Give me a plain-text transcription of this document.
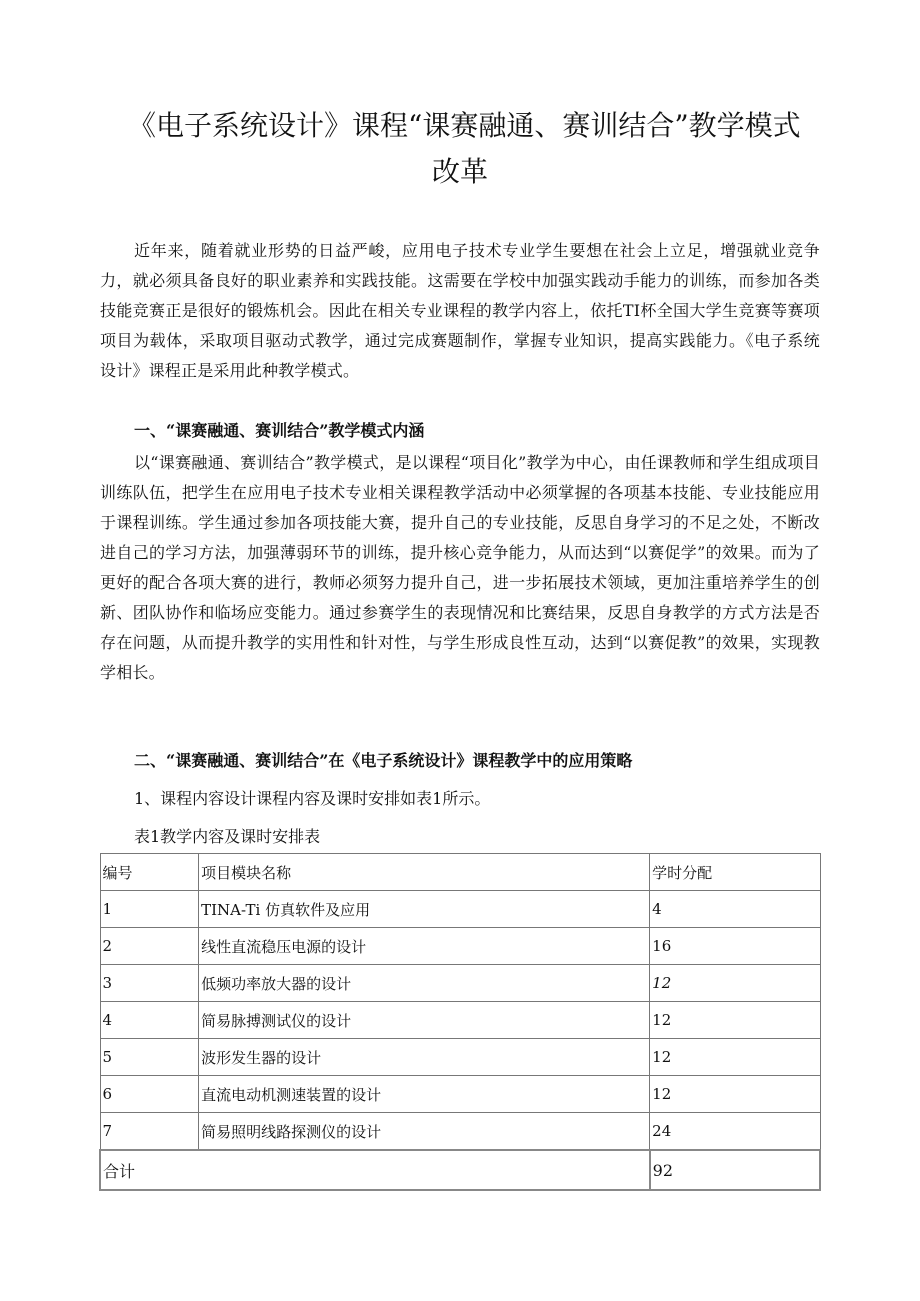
《电子系统设计》课程“课赛融通、赛训结合”教学模式
改革
近年来，随着就业形势的日益严峻，应用电子技术专业学生要想在社会上立足，增强就业竞争力，就必须具备良好的职业素养和实践技能。这需要在学校中加强实践动手能力的训练，而参加各类技能竞赛正是很好的锻炼机会。因此在相关专业课程的教学内容上，依托TI杯全国大学生竞赛等赛项项目为载体，采取项目驱动式教学，通过完成赛题制作，掌握专业知识，提高实践能力。《电子系统设计》课程正是采用此种教学模式。
一、“课赛融通、赛训结合”教学模式内涵
以“课赛融通、赛训结合”教学模式，是以课程“项目化”教学为中心，由任课教师和学生组成项目训练队伍，把学生在应用电子技术专业相关课程教学活动中必须掌握的各项基本技能、专业技能应用于课程训练。学生通过参加各项技能大赛，提升自己的专业技能，反思自身学习的不足之处，不断改进自己的学习方法，加强薄弱环节的训练，提升核心竞争能力，从而达到“以赛促学”的效果。而为了更好的配合各项大赛的进行，教师必须努力提升自己，进一步拓展技术领域，更加注重培养学生的创新、团队协作和临场应变能力。通过参赛学生的表现情况和比赛结果，反思自身教学的方式方法是否存在问题，从而提升教学的实用性和针对性，与学生形成良性互动，达到“以赛促教”的效果，实现教学相长。
二、“课赛融通、赛训结合”在《电子系统设计》课程教学中的应用策略
1、课程内容设计课程内容及课时安排如表1所示。
表1教学内容及课时安排表
编号	项目模块名称	学时分配
1	TINA-Ti 仿真软件及应用	4
2	线性直流稳压电源的设计	16
3	低频功率放大器的设计	12
4	简易脉搏测试仪的设计	12
5	波形发生器的设计	12
6	直流电动机测速装置的设计	12
7	简易照明线路探测仪的设计	24
合计		92
